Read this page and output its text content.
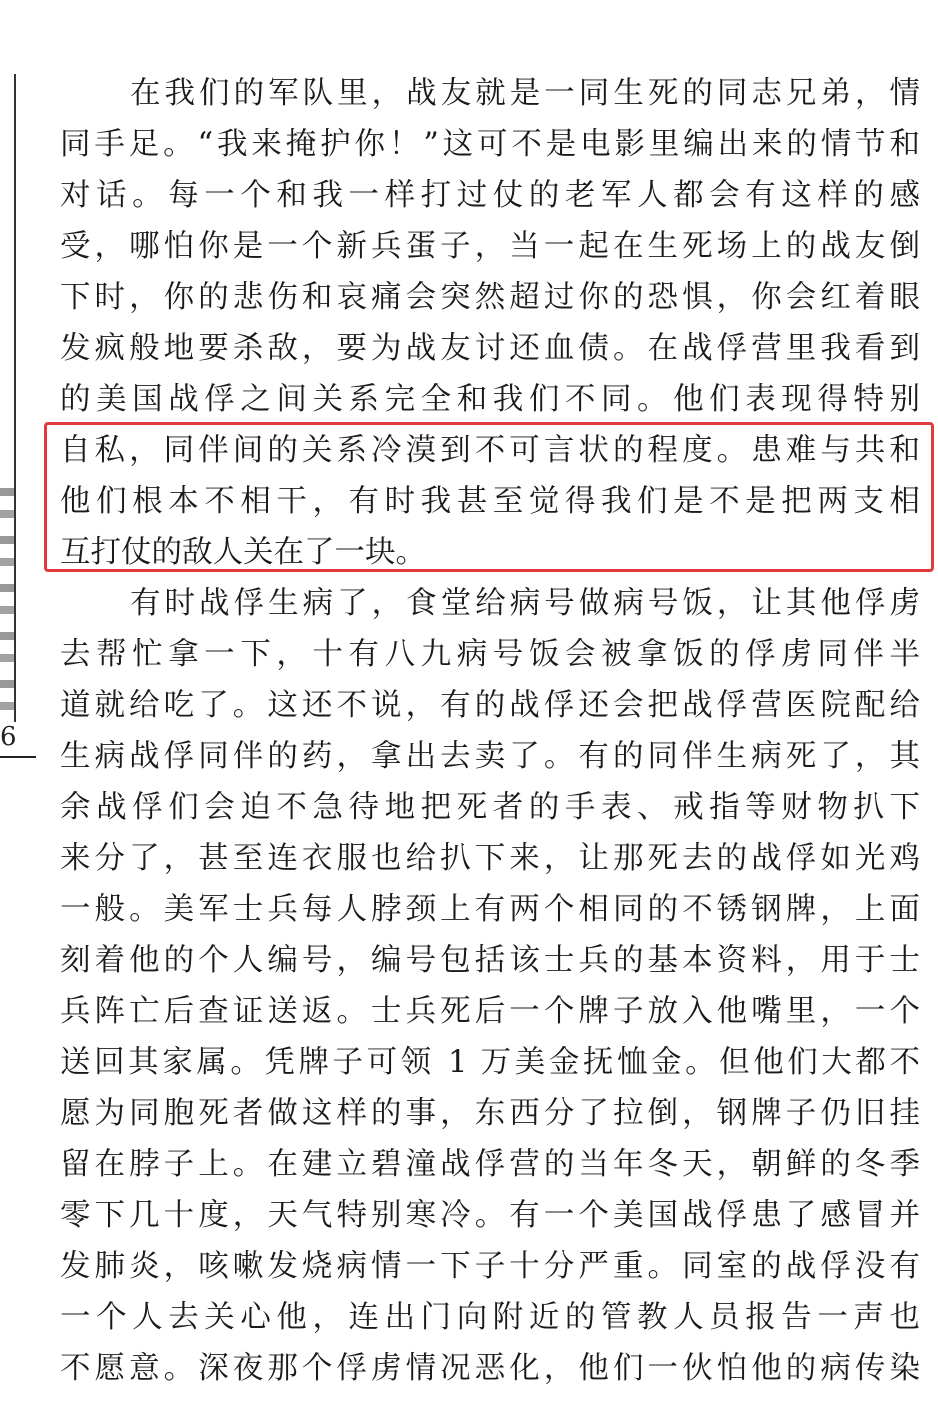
6
在我们的军队里，战友就是一同生死的同志兄弟，情
同手足。“我来掩护你！”这可不是电影里编出来的情节和
对话。每一个和我一样打过仗的老军人都会有这样的感
受，哪怕你是一个新兵蛋子，当一起在生死场上的战友倒
下时，你的悲伤和哀痛会突然超过你的恐惧，你会红着眼
发疯般地要杀敌，要为战友讨还血债。在战俘营里我看到
的美国战俘之间关系完全和我们不同。他们表现得特别
自私，同伴间的关系冷漠到不可言状的程度。患难与共和
他们根本不相干，有时我甚至觉得我们是不是把两支相
互打仗的敌人关在了一块。
有时战俘生病了，食堂给病号做病号饭，让其他俘虏
去帮忙拿一下，十有八九病号饭会被拿饭的俘虏同伴半
道就给吃了。这还不说，有的战俘还会把战俘营医院配给
生病战俘同伴的药，拿出去卖了。有的同伴生病死了，其
余战俘们会迫不急待地把死者的手表、戒指等财物扒下
来分了，甚至连衣服也给扒下来，让那死去的战俘如光鸡
一般。美军士兵每人脖颈上有两个相同的不锈钢牌，上面
刻着他的个人编号，编号包括该士兵的基本资料，用于士
兵阵亡后查证送返。士兵死后一个牌子放入他嘴里，一个
送回其家属。凭牌子可领 1 万美金抚恤金。但他们大都不
愿为同胞死者做这样的事，东西分了拉倒，钢牌子仍旧挂
留在脖子上。在建立碧潼战俘营的当年冬天，朝鲜的冬季
零下几十度，天气特别寒冷。有一个美国战俘患了感冒并
发肺炎，咳嗽发烧病情一下子十分严重。同室的战俘没有
一个人去关心他，连出门向附近的管教人员报告一声也
不愿意。深夜那个俘虏情况恶化，他们一伙怕他的病传染
